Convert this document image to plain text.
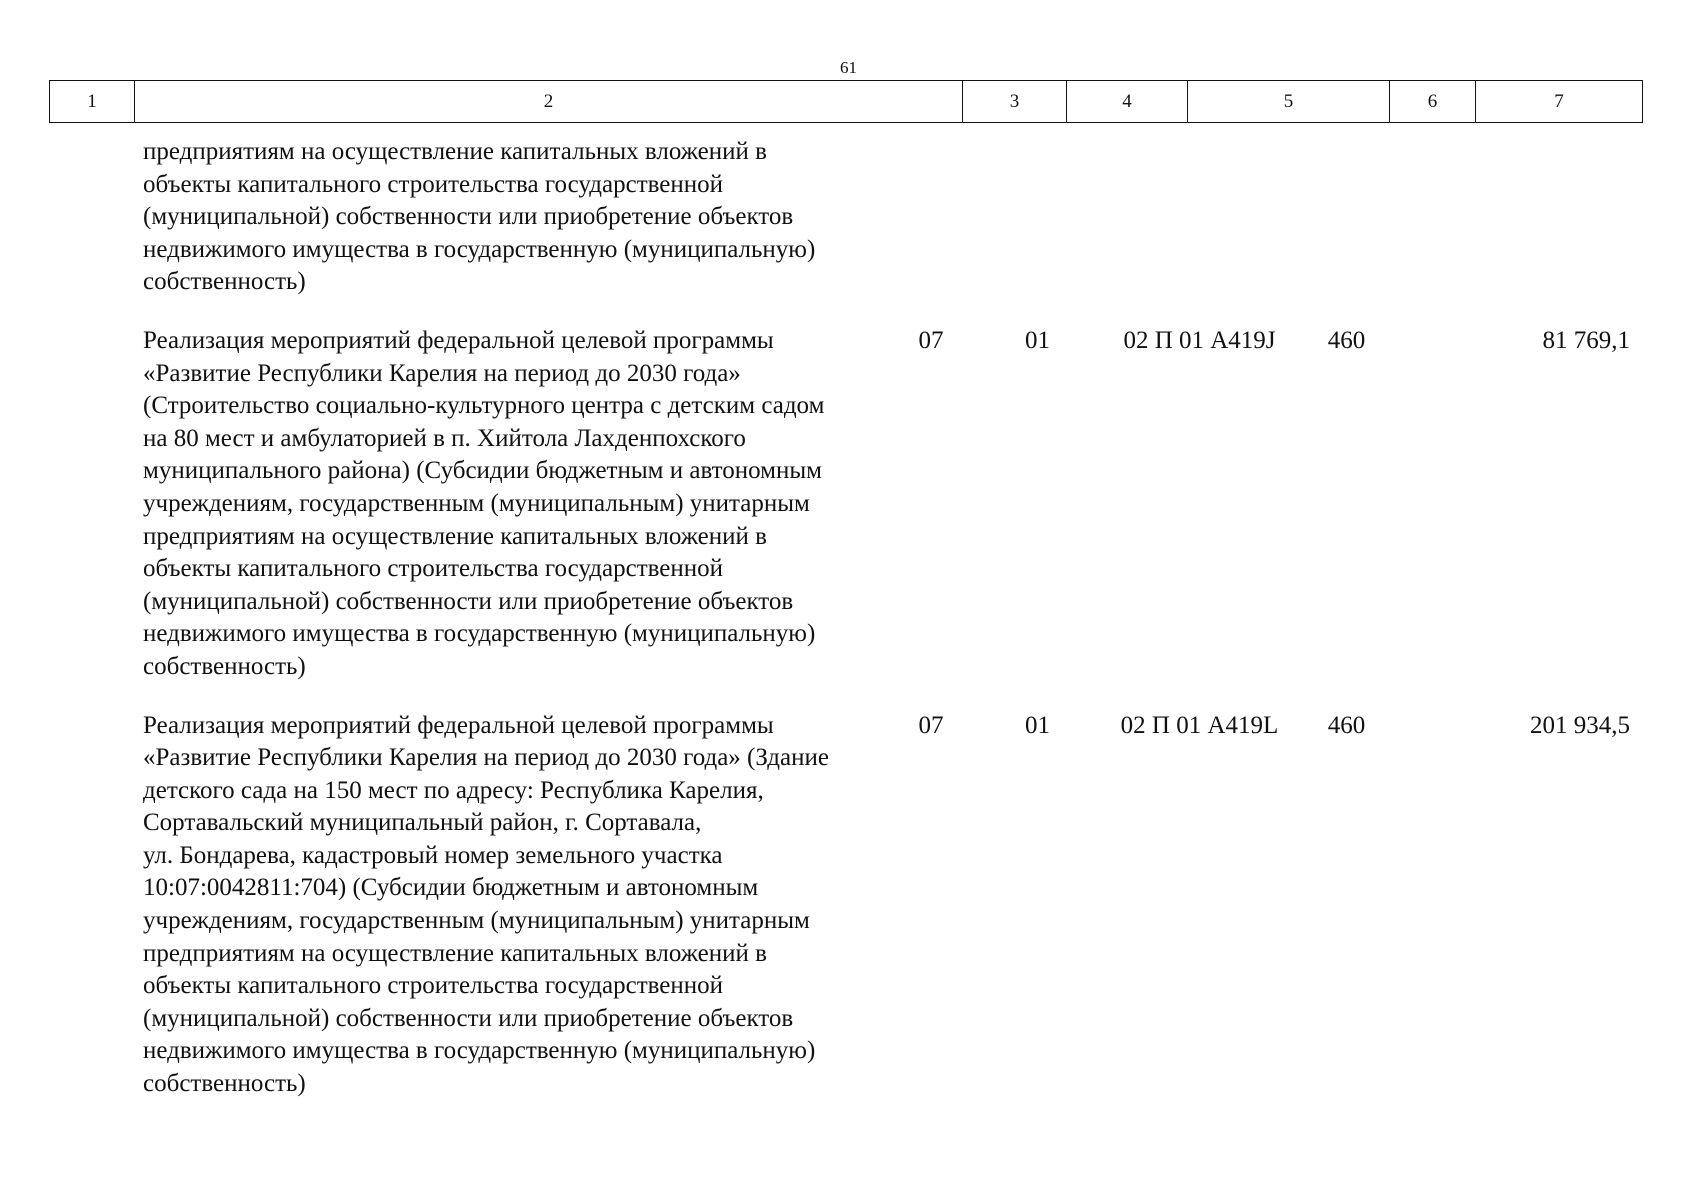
61
1	2	3	4	5	6	7
предприятиям на осуществление капитальных вложений в
объекты капитального строительства государственной
(муниципальной) собственности или приобретение объектов
недвижимого имущества в государственную (муниципальную)
собственность)
Реализация мероприятий федеральной целевой программы
«Развитие Республики Карелия на период до 2030 года»
(Строительство социально-культурного центра с детским садом
на 80 мест и амбулаторией в п. Хийтола Лахденпохского
муниципального района) (Субсидии бюджетным и автономным
учреждениям, государственным (муниципальным) унитарным
предприятиям на осуществление капитальных вложений в
объекты капитального строительства государственной
(муниципальной) собственности или приобретение объектов
недвижимого имущества в государственную (муниципальную)
собственность)
07	01	02 П 01 A419J	460	81 769,1
Реализация мероприятий федеральной целевой программы
«Развитие Республики Карелия на период до 2030 года» (Здание
детского сада на 150 мест по адресу: Республика Карелия,
Сортавальский муниципальный район, г. Сортавала,
ул. Бондарева, кадастровый номер земельного участка
10:07:0042811:704) (Субсидии бюджетным и автономным
учреждениям, государственным (муниципальным) унитарным
предприятиям на осуществление капитальных вложений в
объекты капитального строительства государственной
(муниципальной) собственности или приобретение объектов
недвижимого имущества в государственную (муниципальную)
собственность)
07	01	02 П 01 A419L	460	201 934,5
